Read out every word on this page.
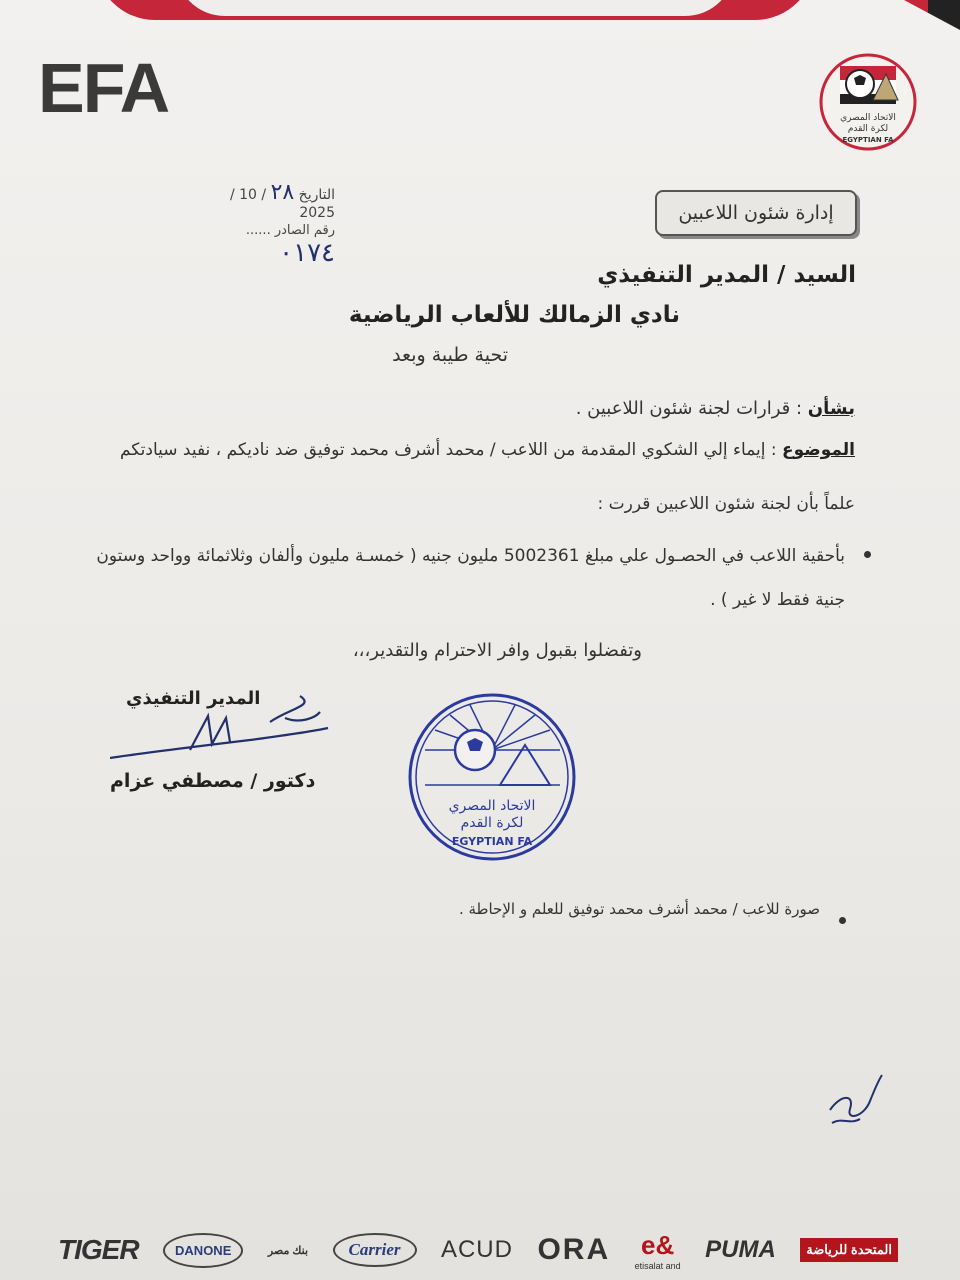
EFA	الاتحاد المصري
لكرة القدم
EGYPTIAN FA
التاريخ ٢٨ / 10 / 2025
رقم الصادر ...... ٠١٧٤
إدارة شئون اللاعبين
السيد / المدير التنفيذي
نادي الزمالك للألعاب الرياضية
تحية طيبة وبعد
بشأن : قرارات لجنة شئون اللاعبين .
الموضوع : إيماء إلي الشكوي المقدمة من اللاعب / محمد أشرف محمد توفيق ضد ناديكم ، نفيد سيادتكم
علماً بأن لجنة شئون اللاعبين قررت :
بأحقية اللاعب في الحصـول علي مبلغ 5002361 مليون جنيه ( خمسـة مليون وألفان وثلاثمائة وواحد وستون جنية فقط لا غير ) .
وتفضلوا بقبول وافر الاحترام والتقدير،،،
المدير التنفيذي
دكتور / مصطفي عزام
الاتحاد المصري
لكرة القدم
EGYPTIAN FA
صورة للاعب / محمد أشرف محمد توفيق للعلم و الإحاطة .
TIGER	DANONE	بنك مصر	Carrier	ACUD ORA e&
etisalat and
PUMA	المتحدة للرياضة
